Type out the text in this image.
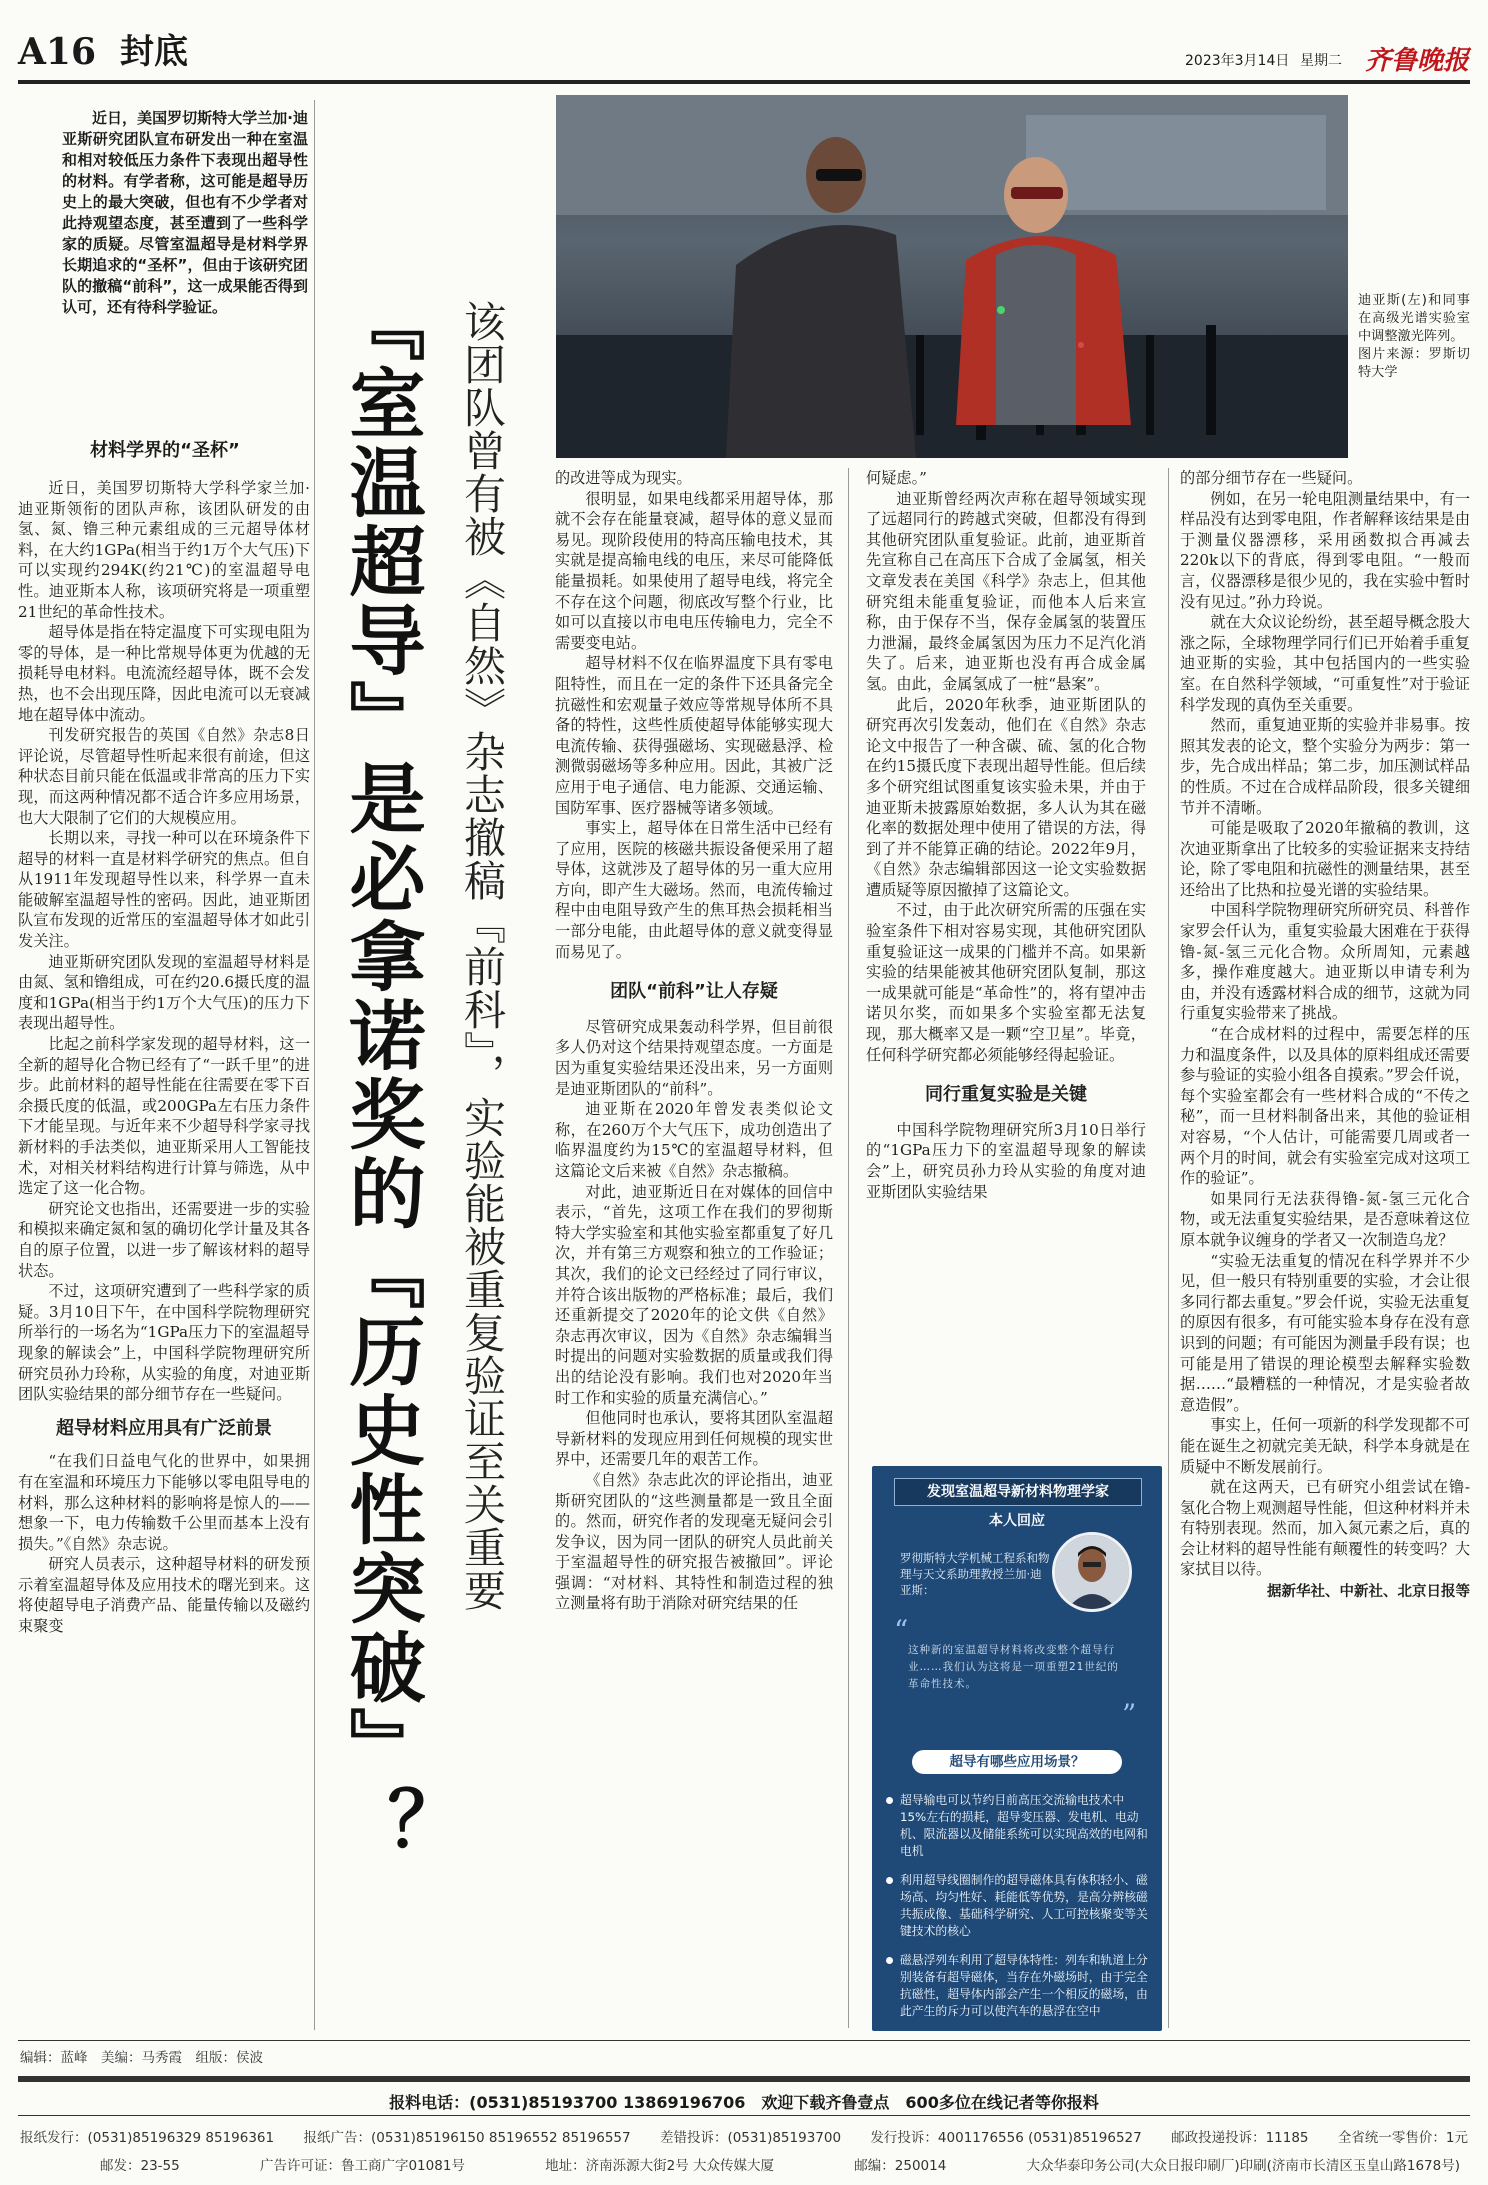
A16 封底	2023年3月14日 星期二 齐鲁晚报
近日，美国罗切斯特大学兰加·迪亚斯研究团队宣布研发出一种在室温和相对较低压力条件下表现出超导性的材料。有学者称，这可能是超导历史上的最大突破，但也有不少学者对此持观望态度，甚至遭到了一些科学家的质疑。尽管室温超导是材料学界长期追求的“圣杯”，但由于该研究团队的撤稿“前科”，这一成果能否得到认可，还有待科学验证。	『室温超导』是必拿诺奖的『历史性突破』？ 该团队曾有被《自然》杂志撤稿『前科』，实验能被重复验证至关重要	迪亚斯(左)和同事在高级光谱实验室中调整激光阵列。
图片来源：罗斯切特大学
材料学界的“圣杯”

近日，美国罗切斯特大学科学家兰加·迪亚斯领衔的团队声称，该团队研发的由氢、氮、镥三种元素组成的三元超导体材料，在大约1GPa(相当于约1万个大气压)下可以实现约294K(约21℃)的室温超导电性。迪亚斯本人称，该项研究将是一项重塑21世纪的革命性技术。

超导体是指在特定温度下可实现电阻为零的导体，是一种比常规导体更为优越的无损耗导电材料。电流流经超导体，既不会发热，也不会出现压降，因此电流可以无衰减地在超导体中流动。

刊发研究报告的英国《自然》杂志8日评论说，尽管超导性听起来很有前途，但这种状态目前只能在低温或非常高的压力下实现，而这两种情况都不适合许多应用场景，也大大限制了它们的大规模应用。

长期以来，寻找一种可以在环境条件下超导的材料一直是材料学研究的焦点。但自从1911年发现超导性以来，科学界一直未能破解室温超导性的密码。因此，迪亚斯团队宣布发现的近常压的室温超导体才如此引发关注。

迪亚斯研究团队发现的室温超导材料是由氮、氢和镥组成，可在约20.6摄氏度的温度和1GPa(相当于约1万个大气压)的压力下表现出超导性。

比起之前科学家发现的超导材料，这一全新的超导化合物已经有了“一跃千里”的进步。此前材料的超导性能在往需要在零下百余摄氏度的低温，或200GPa左右压力条件下才能呈现。与近年来不少超导科学家寻找新材料的手法类似，迪亚斯采用人工智能技术，对相关材料结构进行计算与筛选，从中选定了这一化合物。

研究论文也指出，还需要进一步的实验和模拟来确定氮和氢的确切化学计量及其各自的原子位置，以进一步了解该材料的超导状态。

不过，这项研究遭到了一些科学家的质疑。3月10日下午，在中国科学院物理研究所举行的一场名为“1GPa压力下的室温超导现象的解读会”上，中国科学院物理研究所研究员孙力玲称，从实验的角度，对迪亚斯团队实验结果的部分细节存在一些疑问。

超导材料应用具有广泛前景

“在我们日益电气化的世界中，如果拥有在室温和环境压力下能够以零电阻导电的材料，那么这种材料的影响将是惊人的——想象一下，电力传输数千公里而基本上没有损失。”《自然》杂志说。

研究人员表示，这种超导材料的研发预示着室温超导体及应用技术的曙光到来。这将使超导电子消费产品、能量传输以及磁约束聚变

的改进等成为现实。

很明显，如果电线都采用超导体，那就不会存在能量衰减，超导体的意义显而易见。现阶段使用的特高压输电技术，其实就是提高输电线的电压，来尽可能降低能量损耗。如果使用了超导电线，将完全不存在这个问题，彻底改写整个行业，比如可以直接以市电电压传输电力，完全不需要变电站。

超导材料不仅在临界温度下具有零电阻特性，而且在一定的条件下还具备完全抗磁性和宏观量子效应等常规导体所不具备的特性，这些性质使超导体能够实现大电流传输、获得强磁场、实现磁悬浮、检测微弱磁场等多种应用。因此，其被广泛应用于电子通信、电力能源、交通运输、国防军事、医疗器械等诸多领域。

事实上，超导体在日常生活中已经有了应用，医院的核磁共振设备便采用了超导体，这就涉及了超导体的另一重大应用方向，即产生大磁场。然而，电流传输过程中由电阻导致产生的焦耳热会损耗相当一部分电能，由此超导体的意义就变得显而易见了。

团队“前科”让人存疑

尽管研究成果轰动科学界，但目前很多人仍对这个结果持观望态度。一方面是因为重复实验结果还没出来，另一方面则是迪亚斯团队的“前科”。

迪亚斯在2020年曾发表类似论文称，在260万个大气压下，成功创造出了临界温度约为15℃的室温超导材料，但这篇论文后来被《自然》杂志撤稿。

对此，迪亚斯近日在对媒体的回信中表示，“首先，这项工作在我们的罗彻斯特大学实验室和其他实验室都重复了好几次，并有第三方观察和独立的工作验证；其次，我们的论文已经经过了同行审议，并符合该出版物的严格标准；最后，我们还重新提交了2020年的论文供《自然》杂志再次审议，因为《自然》杂志编辑当时提出的问题对实验数据的质量或我们得出的结论没有影响。我们也对2020年当时工作和实验的质量充满信心。”

但他同时也承认，要将其团队室温超导新材料的发现应用到任何规模的现实世界中，还需要几年的艰苦工作。

《自然》杂志此次的评论指出，迪亚斯研究团队的“这些测量都是一致且全面的。然而，研究作者的发现毫无疑问会引发争议，因为同一团队的研究人员此前关于室温超导性的研究报告被撤回”。评论强调：“对材料、其特性和制造过程的独立测量将有助于消除对研究结果的任

何疑虑。”

迪亚斯曾经两次声称在超导领域实现了远超同行的跨越式突破，但都没有得到其他研究团队重复验证。此前，迪亚斯首先宣称自己在高压下合成了金属氢，相关文章发表在美国《科学》杂志上，但其他研究组未能重复验证，而他本人后来宣称，由于保存不当，保存金属氢的装置压力泄漏，最终金属氢因为压力不足汽化消失了。后来，迪亚斯也没有再合成金属氢。由此，金属氢成了一桩“悬案”。

此后，2020年秋季，迪亚斯团队的研究再次引发轰动，他们在《自然》杂志论文中报告了一种含碳、硫、氢的化合物在约15摄氏度下表现出超导性能。但后续多个研究组试图重复该实验未果，并由于迪亚斯未披露原始数据，多人认为其在磁化率的数据处理中使用了错误的方法，得到了并不能算正确的结论。2022年9月，《自然》杂志编辑部因这一论文实验数据遭质疑等原因撤掉了这篇论文。

不过，由于此次研究所需的压强在实验室条件下相对容易实现，其他研究团队重复验证这一成果的门槛并不高。如果新实验的结果能被其他研究团队复制，那这一成果就可能是“革命性”的，将有望冲击诺贝尔奖，而如果多个实验室都无法复现，那大概率又是一颗“空卫星”。毕竟，任何科学研究都必须能够经得起验证。

同行重复实验是关键

中国科学院物理研究所3月10日举行的“1GPa压力下的室温超导现象的解读会”上，研究员孙力玲从实验的角度对迪亚斯团队实验结果

发现室温超导新材料物理学家
本人回应
罗彻斯特大学机械工程系和物理与天文系助理教授兰加·迪亚斯：
“
这种新的室温超导材料将改变整个超导行业……我们认为这将是一项重塑21世纪的革命性技术。
”
超导有哪些应用场景？
超导输电可以节约目前高压交流输电技术中15%左右的损耗，超导变压器、发电机、电动机、限流器以及储能系统可以实现高效的电网和电机
利用超导线圈制作的超导磁体具有体积轻小、磁场高、均匀性好、耗能低等优势，是高分辨核磁共振成像、基础科学研究、人工可控核聚变等关键技术的核心
磁悬浮列车利用了超导体特性：列车和轨道上分别装备有超导磁体，当存在外磁场时，由于完全抗磁性，超导体内部会产生一个相反的磁场，由此产生的斥力可以使汽车的悬浮在空中

的部分细节存在一些疑问。

例如，在另一轮电阻测量结果中，有一样品没有达到零电阻，作者解释该结果是由于测量仪器漂移，采用函数拟合再减去220k以下的背底，得到零电阻。“一般而言，仪器漂移是很少见的，我在实验中暂时没有见过。”孙力玲说。

就在大众议论纷纷，甚至超导概念股大涨之际，全球物理学同行们已开始着手重复迪亚斯的实验，其中包括国内的一些实验室。在自然科学领域，“可重复性”对于验证科学发现的真伪至关重要。

然而，重复迪亚斯的实验并非易事。按照其发表的论文，整个实验分为两步：第一步，先合成出样品；第二步，加压测试样品的性质。不过在合成样品阶段，很多关键细节并不清晰。

可能是吸取了2020年撤稿的教训，这次迪亚斯拿出了比较多的实验证据来支持结论，除了零电阻和抗磁性的测量结果，甚至还给出了比热和拉曼光谱的实验结果。

中国科学院物理研究所研究员、科普作家罗会仟认为，重复实验最大困难在于获得镥-氮-氢三元化合物。众所周知，元素越多，操作难度越大。迪亚斯以申请专利为由，并没有透露材料合成的细节，这就为同行重复实验带来了挑战。

“在合成材料的过程中，需要怎样的压力和温度条件，以及具体的原料组成还需要参与验证的实验小组各自摸索。”罗会仟说，每个实验室都会有一些材料合成的“不传之秘”，而一旦材料制备出来，其他的验证相对容易，“个人估计，可能需要几周或者一两个月的时间，就会有实验室完成对这项工作的验证”。

如果同行无法获得镥-氮-氢三元化合物，或无法重复实验结果，是否意味着这位原本就争议缠身的学者又一次制造乌龙？

“实验无法重复的情况在科学界并不少见，但一般只有特别重要的实验，才会让很多同行都去重复。”罗会仟说，实验无法重复的原因有很多，有可能实验本身存在没有意识到的问题；有可能因为测量手段有误；也可能是用了错误的理论模型去解释实验数据……“最糟糕的一种情况，才是实验者故意造假”。

事实上，任何一项新的科学发现都不可能在诞生之初就完美无缺，科学本身就是在质疑中不断发展前行。

就在这两天，已有研究小组尝试在镥-氢化合物上观测超导性能，但这种材料并未有特别表现。然而，加入氮元素之后，真的会让材料的超导性能有颠覆性的转变吗？大家拭目以待。

据新华社、中新社、北京日报等
编辑：蓝峰　美编：马秀霞　组版：侯波
报料电话：(0531)85193700 13869196706　欢迎下载齐鲁壹点　600多位在线记者等你报料
报纸发行：(0531)85196329 85196361 报纸广告：(0531)85196150 85196552 85196557 差错投诉：(0531)85193700 发行投诉：4001176556 (0531)85196527 邮政投递投诉：11185 全省统一零售价：1元
邮发：23-55	广告许可证：鲁工商广字01081号	地址：济南泺源大街2号 大众传媒大厦	邮编：250014	大众华泰印务公司(大众日报印刷厂)印刷(济南市长清区玉皇山路1678号)
